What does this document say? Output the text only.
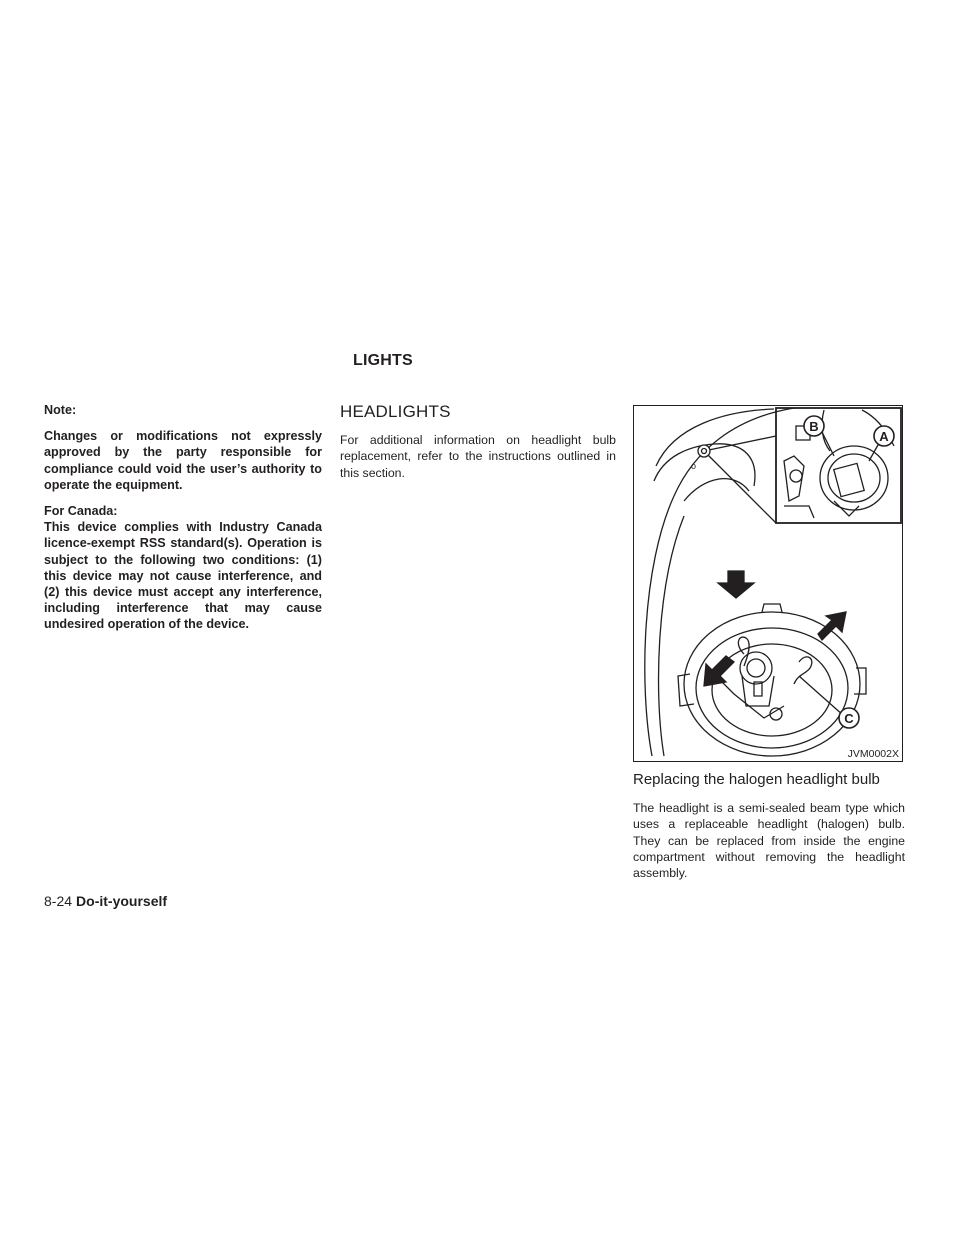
LIGHTS

Note:

Changes or modifications not expressly approved by the party responsible for compliance could void the user’s authority to operate the equipment.

For Canada:

This device complies with Industry Canada licence-exempt RSS standard(s). Operation is subject to the following two conditions: (1) this device may not cause interference, and (2) this device must accept any interference, including interference that may cause undesired operation of the device.

HEADLIGHTS

For additional information on headlight bulb replacement, refer to the instructions outlined in this section.	o
B
A
C
JVM0002X
Replacing the halogen headlight bulb

The headlight is a semi-sealed beam type which uses a replaceable headlight (halogen) bulb. They can be replaced from inside the engine compartment without removing the headlight assembly.

8-24 Do-it-yourself
